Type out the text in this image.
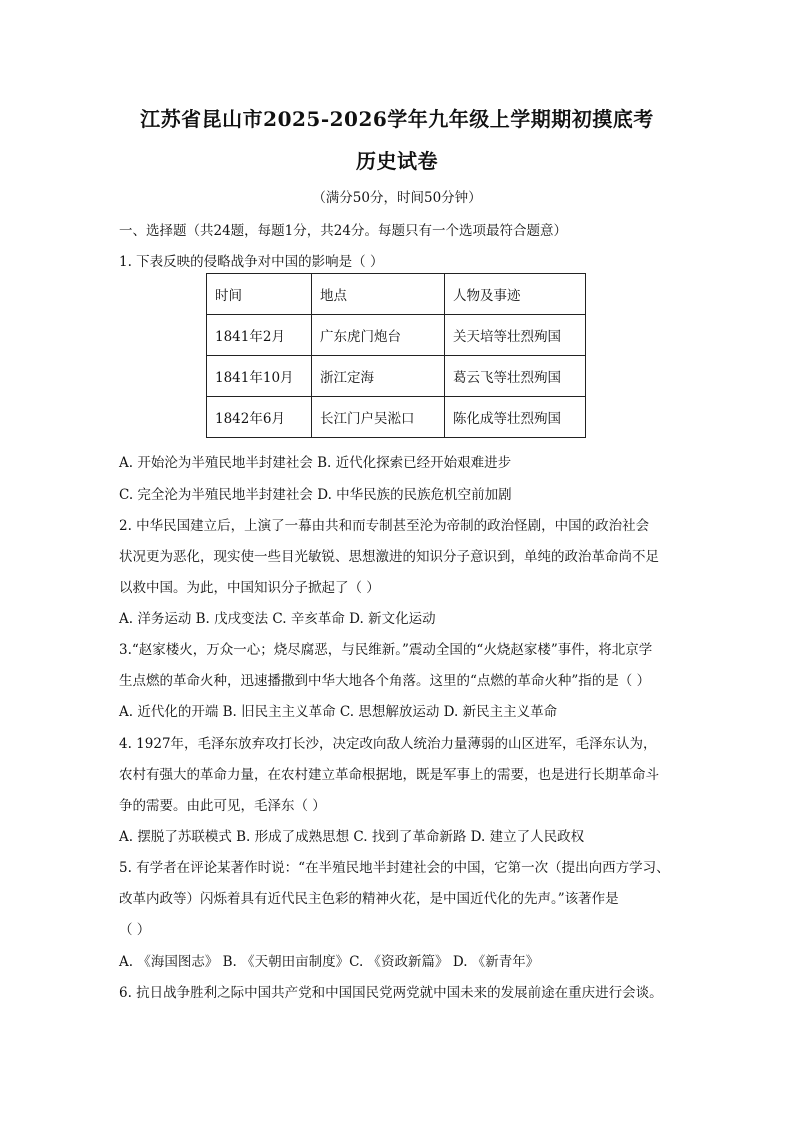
江苏省昆山市2025-2026学年九年级上学期期初摸底考
历史试卷
（满分50分，时间50分钟）
一、选择题（共24题，每题1分，共24分。每题只有一个选项最符合题意）
1. 下表反映的侵略战争对中国的影响是（ ）
时间	地点	人物及事迹
1841年2月	广东虎门炮台	关天培等壮烈殉国
1841年10月	浙江定海	葛云飞等壮烈殉国
1842年6月	长江门户吴淞口	陈化成等壮烈殉国
A. 开始沦为半殖民地半封建社会 B. 近代化探索已经开始艰难进步
C. 完全沦为半殖民地半封建社会 D. 中华民族的民族危机空前加剧
2. 中华民国建立后，上演了一幕由共和而专制甚至沦为帝制的政治怪剧，中国的政治社会
状况更为恶化，现实使一些目光敏锐、思想激进的知识分子意识到，单纯的政治革命尚不足
以救中国。为此，中国知识分子掀起了（ ）
A. 洋务运动 B. 戊戌变法 C. 辛亥革命 D. 新文化运动
3.“赵家楼火，万众一心；烧尽腐恶，与民维新。”震动全国的“火烧赵家楼”事件，将北京学
生点燃的革命火种，迅速播撒到中华大地各个角落。这里的“点燃的革命火种”指的是（ ）
A. 近代化的开端 B. 旧民主主义革命 C. 思想解放运动 D. 新民主主义革命
4. 1927年，毛泽东放弃攻打长沙，决定改向敌人统治力量薄弱的山区进军，毛泽东认为，
农村有强大的革命力量，在农村建立革命根据地，既是军事上的需要，也是进行长期革命斗
争的需要。由此可见，毛泽东（ ）
A. 摆脱了苏联模式 B. 形成了成熟思想 C. 找到了革命新路 D. 建立了人民政权
5. 有学者在评论某著作时说：“在半殖民地半封建社会的中国，它第一次（提出向西方学习、
改革内政等）闪烁着具有近代民主色彩的精神火花，是中国近代化的先声。”该著作是
（ ）
A. 《海国图志》 B. 《天朝田亩制度》C. 《资政新篇》 D. 《新青年》
6. 抗日战争胜利之际中国共产党和中国国民党两党就中国未来的发展前途在重庆进行会谈。
